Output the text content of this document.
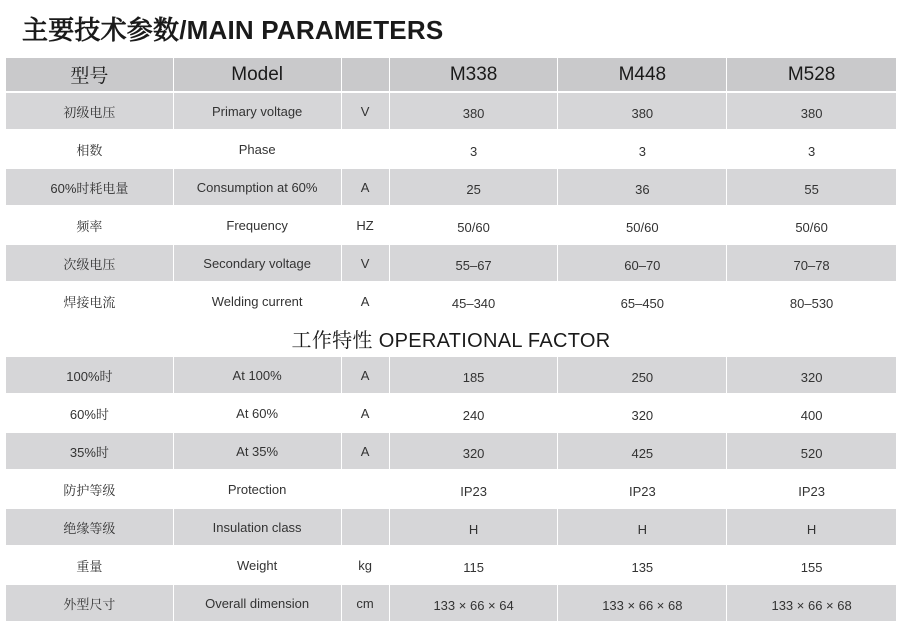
主要技术参数/MAIN PARAMETERS
型号	Model		M338	M448	M528
初级电压	Primary voltage	V	380	380	380
相数	Phase		3	3	3
60%时耗电量	Consumption at 60%	A	25	36	55
频率	Frequency	HZ	50/60	50/60	50/60
次级电压	Secondary voltage	V	55–67	60–70	70–78
焊接电流	Welding current	A	45–340	65–450	80–530
工作特性 OPERATIONAL FACTOR					
100%时	At 100%	A	185	250	320
60%时	At 60%	A	240	320	400
35%时	At 35%	A	320	425	520
防护等级	Protection		IP23	IP23	IP23
绝缘等级	Insulation class		H	H	H
重量	Weight	kg	115	135	155
外型尺寸	Overall dimension	cm	133 × 66 × 64	133 × 66 × 68	133 × 66 × 68
